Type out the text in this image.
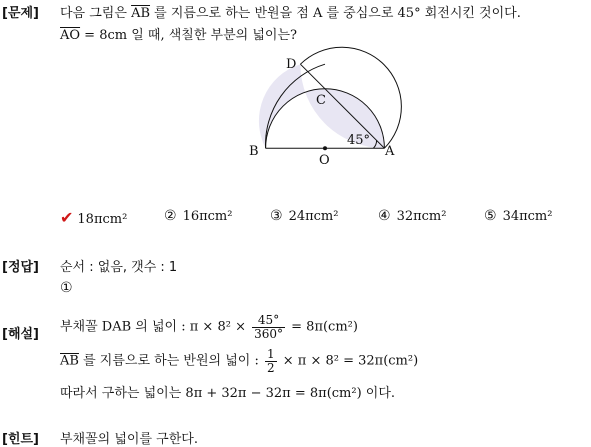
[문제] 다음 그림은 $\overline{AB}$ 를 지름으로 하는 반원을 점 A 를 중심으로 45° 회전시킨 것이다.
$\overline{AO} = 8cm$ 일 때, 색칠한 부분의 넓이는?
D
C
B
O
A
45°
✔ 18πcm²	② 16πcm²	③ 24πcm²	④ 32πcm²	⑤ 34πcm²
[정답] 순서 : 없음, 갯수 : 1
①
[해설] 부채꼴 DAB 의 넓이 : $\pi \times 8^2 \times \frac{45^\circ}{360^\circ} = 8\pi(cm^2)$
$\overline{AB}$ 를 지름으로 하는 반원의 넓이 : $\frac{1}{2} \times \pi \times 8^2 = 32\pi(cm^2)$
따라서 구하는 넓이는 8π + 32π − 32π = 8π(cm²) 이다.
[힌트] 부채꼴의 넓이를 구한다.
